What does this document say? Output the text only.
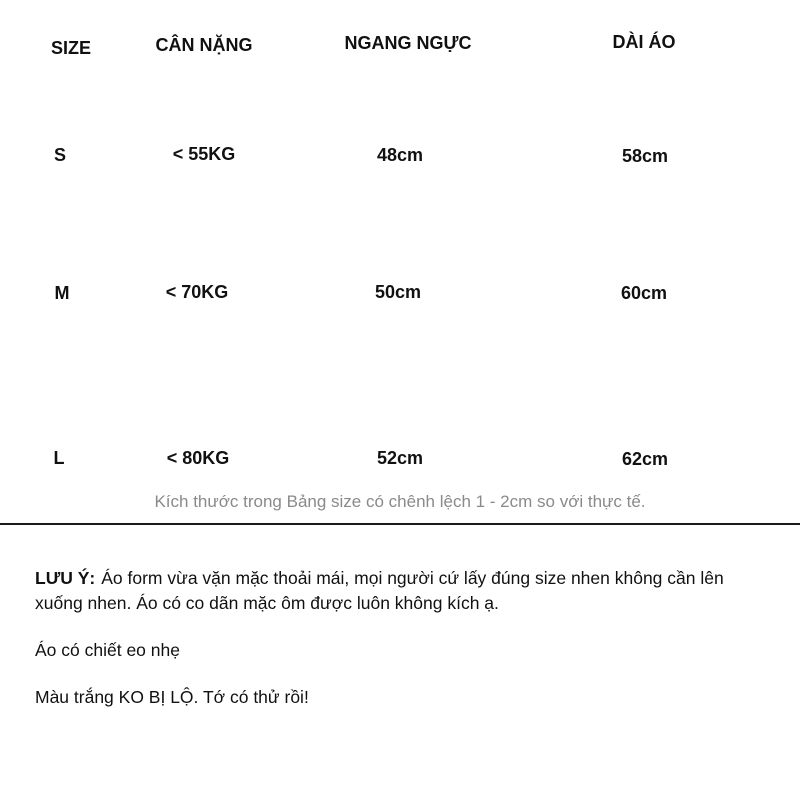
SIZE	CÂN NẶNG	NGANG NGỰC	DÀI ÁO
S	< 55KG	48cm	58cm
M	< 70KG	50cm	60cm
L	< 80KG	52cm	62cm
Kích thước trong Bảng size có chênh lệch 1 - 2cm so với thực tế.

LƯU Ý: Áo form vừa vặn mặc thoải mái, mọi người cứ lấy đúng size nhen không cần lên xuống nhen. Áo có co dãn mặc ôm được luôn không kích ạ.

Áo có chiết eo nhẹ

Màu trắng KO BỊ LỘ. Tớ có thử rồi!
